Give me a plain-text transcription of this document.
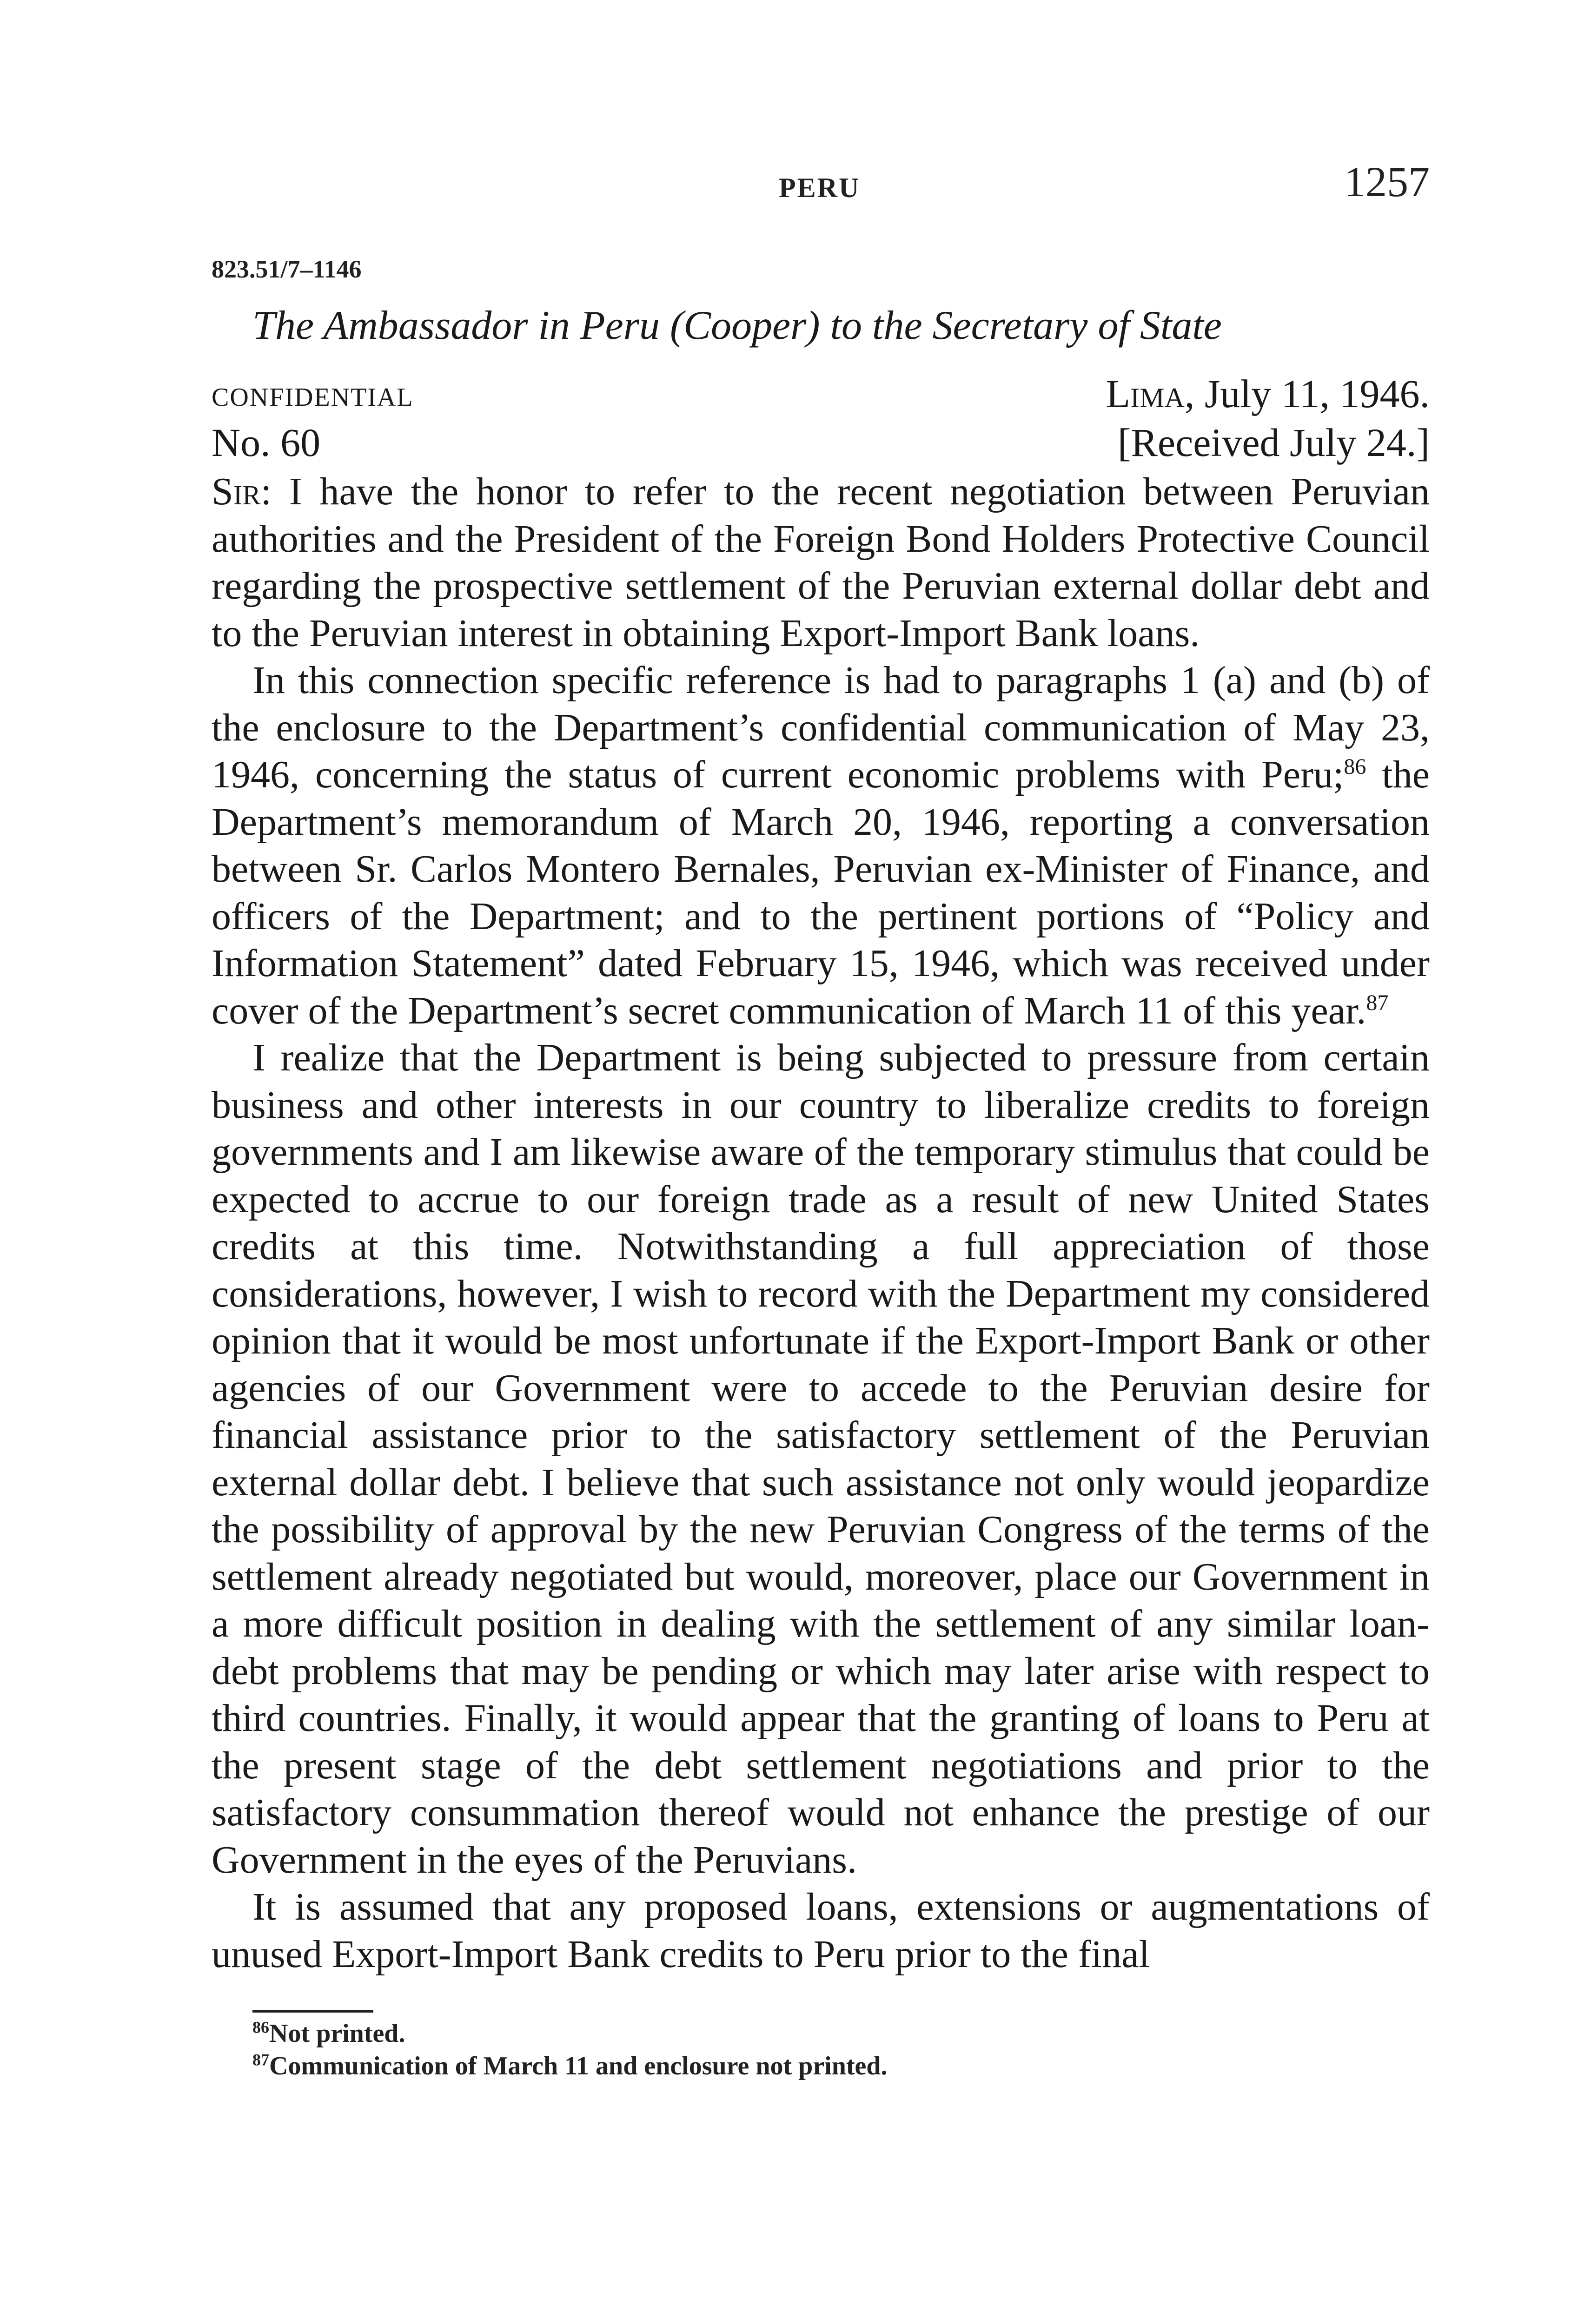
PERU	1257
823.51/7–1146
The Ambassador in Peru (Cooper) to the Secretary of State
CONFIDENTIAL	Lima, July 11, 1946.
No. 60	[Received July 24.]

Sir: I have the honor to refer to the recent negotiation between Peruvian authorities and the President of the Foreign Bond Holders Protective Council regarding the prospective settlement of the Peruvian external dollar debt and to the Peruvian interest in obtaining Export-Import Bank loans.

In this connection specific reference is had to paragraphs 1 (a) and (b) of the enclosure to the Department’s confidential communication of May 23, 1946, concerning the status of current economic problems with Peru;$^{86}$ the Department’s memorandum of March 20, 1946, reporting a conversation between Sr. Carlos Montero Bernales, Peruvian ex-Minister of Finance, and officers of the Department; and to the pertinent portions of “Policy and Information Statement” dated February 15, 1946, which was received under cover of the Department’s secret communication of March 11 of this year.$^{87}$

I realize that the Department is being subjected to pressure from certain business and other interests in our country to liberalize credits to foreign governments and I am likewise aware of the temporary stimulus that could be expected to accrue to our foreign trade as a result of new United States credits at this time. Notwithstanding a full appreciation of those considerations, however, I wish to record with the Department my considered opinion that it would be most unfortunate if the Export-Import Bank or other agencies of our Government were to accede to the Peruvian desire for financial assistance prior to the satisfactory settlement of the Peruvian external dollar debt. I believe that such assistance not only would jeopardize the possibility of approval by the new Peruvian Congress of the terms of the settlement already negotiated but would, moreover, place our Government in a more difficult position in dealing with the settlement of any similar loan-debt problems that may be pending or which may later arise with respect to third countries. Finally, it would appear that the granting of loans to Peru at the present stage of the debt settlement negotiations and prior to the satisfactory consummation thereof would not enhance the prestige of our Government in the eyes of the Peruvians.

It is assumed that any proposed loans, extensions or augmentations of unused Export-Import Bank credits to Peru prior to the final

$^{86}$Not printed.
$^{87}$Communication of March 11 and enclosure not printed.
